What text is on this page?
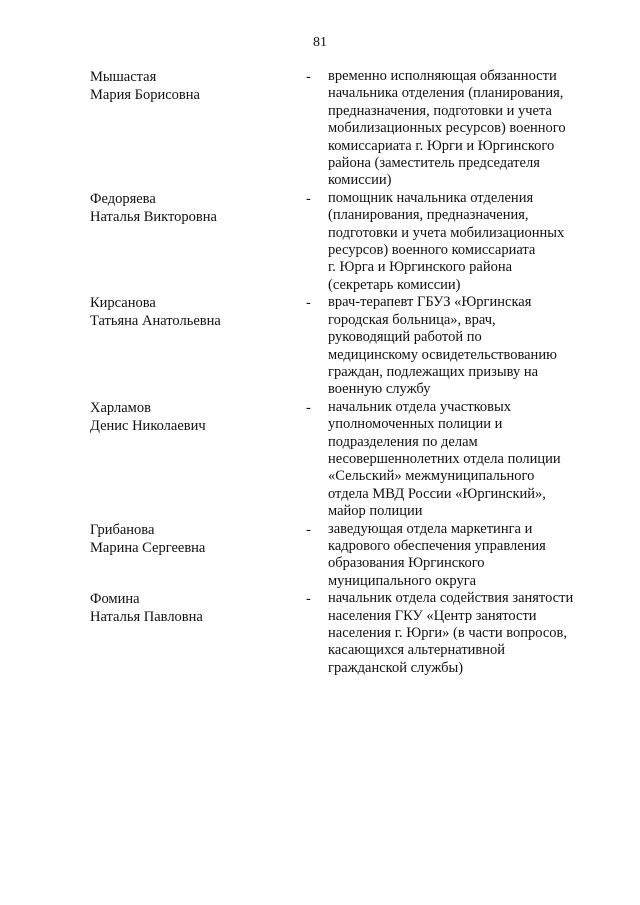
81
Мышастая
Мария Борисовна
- временно исполняющая обязанности
начальника отделения (планирования,
предназначения, подготовки и учета
мобилизационных ресурсов) военного
комиссариата г. Юрги и Юргинского
района (заместитель председателя
комиссии)
Федоряева
Наталья Викторовна
- помощник начальника отделения
(планирования, предназначения,
подготовки и учета мобилизационных
ресурсов) военного комиссариата
г. Юрга и Юргинского района
(секретарь комиссии)
Кирсанова
Татьяна Анатольевна
- врач-терапевт ГБУЗ «Юргинская
городская больница», врач,
руководящий работой по
медицинскому освидетельствованию
граждан, подлежащих призыву на
военную службу
Харламов
Денис Николаевич
- начальник отдела участковых
уполномоченных полиции и
подразделения по делам
несовершеннолетних отдела полиции
«Сельский» межмуниципального
отдела МВД России «Юргинский»,
майор полиции
Грибанова
Марина Сергеевна
- заведующая отдела маркетинга и
кадрового обеспечения управления
образования Юргинского
муниципального округа
Фомина
Наталья Павловна
- начальник отдела содействия занятости
населения ГКУ «Центр занятости
населения г. Юрги» (в части вопросов,
касающихся альтернативной
гражданской службы)
